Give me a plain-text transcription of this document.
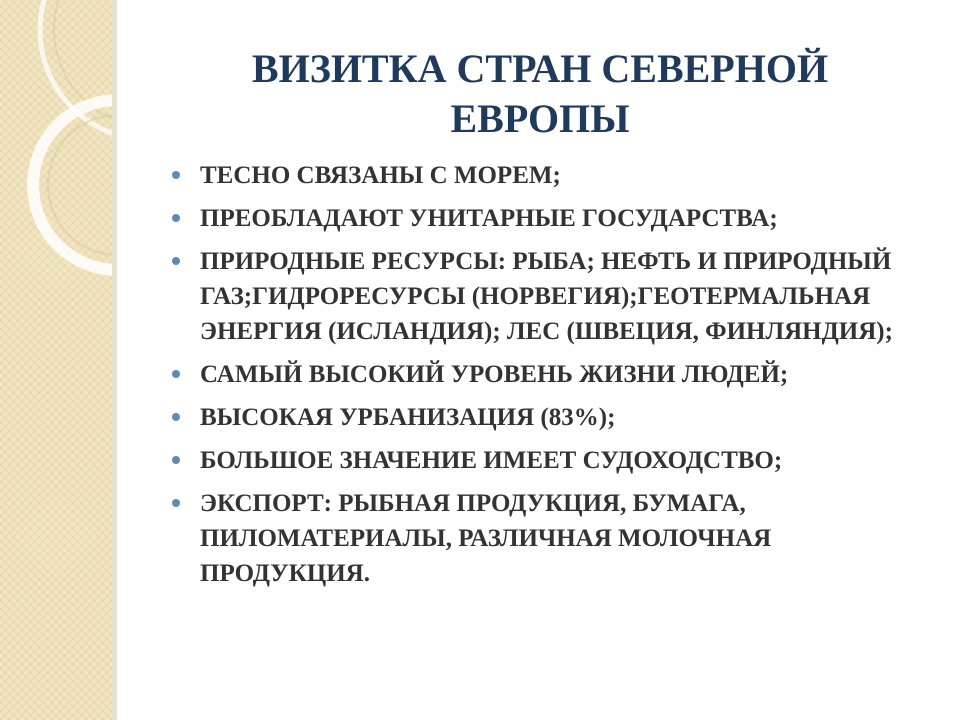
ВИЗИТКА СТРАН СЕВЕРНОЙ
ЕВРОПЫ
ТЕСНО СВЯЗАНЫ С МОРЕМ;
ПРЕОБЛАДАЮТ УНИТАРНЫЕ ГОСУДАРСТВА;
ПРИРОДНЫЕ РЕСУРСЫ: РЫБА; НЕФТЬ И ПРИРОДНЫЙ ГАЗ;ГИДРОРЕСУРСЫ (НОРВЕГИЯ);ГЕОТЕРМАЛЬНАЯ ЭНЕРГИЯ (ИСЛАНДИЯ); ЛЕС (ШВЕЦИЯ, ФИНЛЯНДИЯ);
САМЫЙ ВЫСОКИЙ УРОВЕНЬ ЖИЗНИ ЛЮДЕЙ;
ВЫСОКАЯ УРБАНИЗАЦИЯ (83%);
БОЛЬШОЕ ЗНАЧЕНИЕ ИМЕЕТ СУДОХОДСТВО;
ЭКСПОРТ: РЫБНАЯ ПРОДУКЦИЯ, БУМАГА, ПИЛОМАТЕРИАЛЫ, РАЗЛИЧНАЯ МОЛОЧНАЯ ПРОДУКЦИЯ.
